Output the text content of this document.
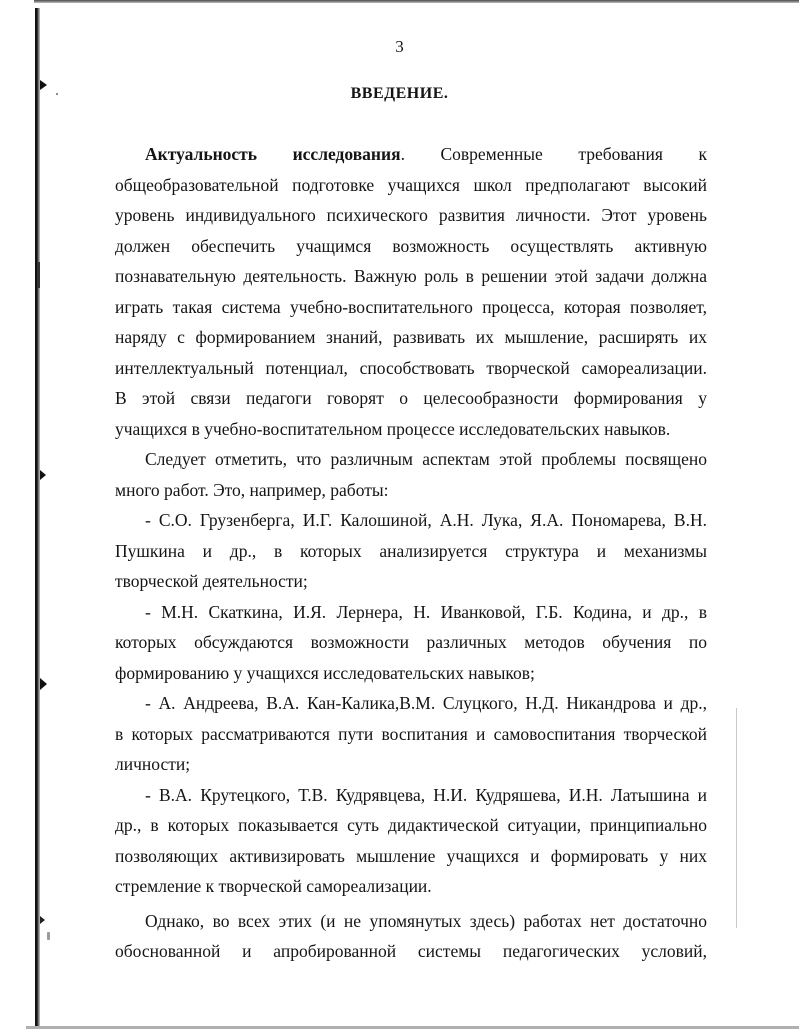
3
ВВЕДЕНИЕ.

Актуальность исследования. Современные требования к

общеобразовательной подготовке учащихся школ предполагают высокий

уровень индивидуального психического развития личности. Этот уровень

должен обеспечить учащимся возможность осуществлять активную

познавательную деятельность. Важную роль в решении этой задачи должна

играть такая система учебно-воспитательного процесса, которая позволяет,

наряду с формированием знаний, развивать их мышление, расширять их

интеллектуальный потенциал, способствовать творческой самореализации.

В этой связи педагоги говорят о целесообразности формирования у

учащихся в учебно-воспитательном процессе исследовательских навыков.

Следует отметить, что различным аспектам этой проблемы посвящено

много работ. Это, например, работы:

- С.О. Грузенберга, И.Г. Калошиной, А.Н. Лука, Я.А. Пономарева, В.Н.

Пушкина и др., в которых анализируется структура и механизмы

творческой деятельности;

- М.Н. Скаткина, И.Я. Лернера, Н. Иванковой, Г.Б. Кодина, и др., в

которых обсуждаются возможности различных методов обучения по

формированию у учащихся исследовательских навыков;

- А. Андреева, В.А. Кан-Калика,В.М. Слуцкого, Н.Д. Никандрова и др.,

в которых рассматриваются пути воспитания и самовоспитания творческой

личности;

- В.А. Крутецкого, Т.В. Кудрявцева, Н.И. Кудряшева, И.Н. Латышина и

др., в которых показывается суть дидактической ситуации, принципиально

позволяющих активизировать мышление учащихся и формировать у них

стремление к творческой самореализации.

Однако, во всех этих (и не упомянутых здесь) работах нет достаточно

обоснованной и апробированной системы педагогических условий,
